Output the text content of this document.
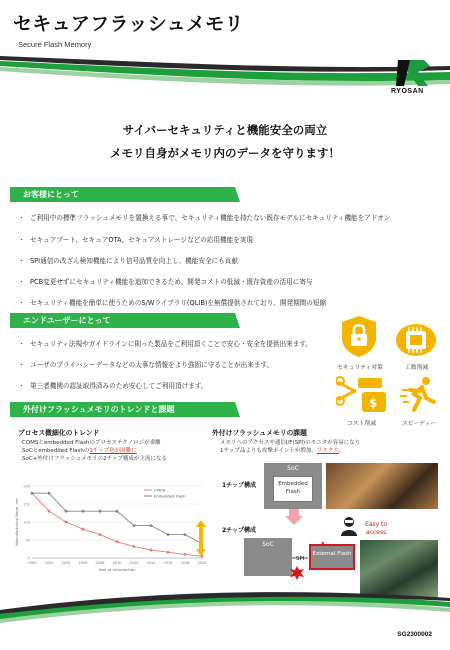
セキュアフラッシュメモリ
Secure Flash Memory
RYOSAN
サイバーセキュリティと機能安全の両立
メモリ自身がメモリ内のデータを守ります！
お客様にとって
・ ご利用中の標準フラッシュメモリを置換える事で、セキュリティ機能を持たない既存モデルにセキュリティ機能をアドオン
・ セキュアブート、セキュアOTA、セキュアストレージなどの応用機能を実現
・ SPI通信の改ざん検知機能により信号品質を向上し、機能安全にも貢献
・ PCB変更せずにセキュリティ機能を追加できるため、開発コストの低減・既存資産の活用に寄与
・ セキュリティ機能を簡単に使うためのS/Wライブラリ(QLIB)を無償提供されており、開発期間の短縮
エンドユーザーにとって
・ セキュリティ法規やガイドラインに則った製品をご利用頂くことで安心・安全を提供出来ます。
・ ユーザのプライバシーデータなどの大事な情報をより強固に守ることが出来ます。
・ 第三者機関の認証取得済みのため安心してご利用頂けます。
セキュリティ対策	工数削減
$
コスト削減	スピーディー
外付けフラッシュメモリのトレンドと課題
プロセス微細化のトレンド
COMSとembedded Flashのプロセステクノロジが乖離
SoCとembedded Flashの1チップ化が困難に
SoC+外付けフラッシュメモリの2チップ構成が主流になる
0
50
100
150
200
2000 2002 2004 2006 2008 2010 2012 2014 2016 2018 2020
Year of Introduction
Manufacturing Node, nm
CMOS
Embedded Flash
外付けフラッシュメモリの課題
メモリへのアクセスや通信I/F(SPI)のモニタが容易になり
1チップ品よりも攻撃ポイントが増加。リスク大。
1チップ構成
SoC
Embedded Flash
2チップ構成
SoC
SPI
External Flash
Easy to access
SG2300002
